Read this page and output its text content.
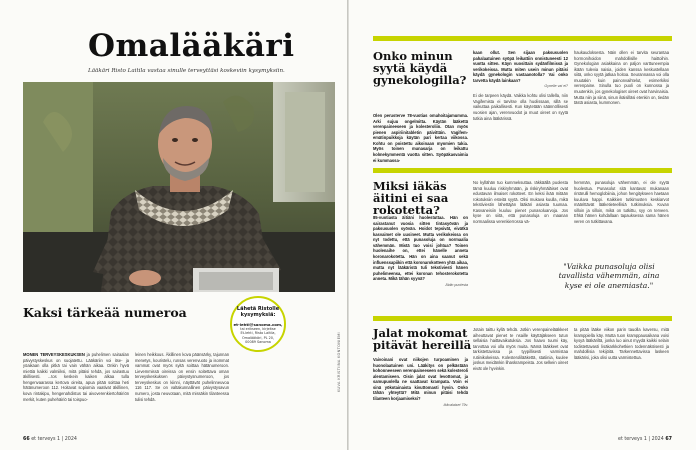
Omalääkäri
Lääkäri Risto Laitila vastaa sinulle terveyttäsi koskeviin kysymyksiin.
KUVA KRISTIINA KONTONIEMI
Lähetä Ristolle
kysymyksiä:
et-lehti@sanoma.com,
tai erikseen, kirjeitse
Et-lehti, Risto Laitila,
Omalääkäri, PL 20,
00089 Sanoma
Kaksi tärkeää numeroa
MONEN TERVEYSKESKUKSEN ja puhelimen sairaalan päivystyskeskus on suojatettu. Lääkäriin voi itse- ja yöaikaan olla pitkä tai vain vähän aikaa. Onkin hyvä miettiä kaikki valmiiksi, mitä pitäisi tehdä, jos sairastuu äkillisesti. ...tos keskein kaiken alkaa tulla hengenvaarassa kertova oireita, apua pitää soittaa heti hätänumeroon 112. Hoitavat sopiomia vaativat äkillinen, kova rintakipu, hengenahdistus tai aivoverenkiertohäiriön merkit, kuten puhehäiriö tai toispuo-
leinen heikkous. Äkillinen kova päänsärky, tajunnan menetys, kouristelu, runsas verenvuoto ja isommat vammat ovat myös syitä soittaa hätänumeroon. Lievemmissä oireissa on ensin soitettava oman terveyskeskuksen päivystysnumeroon, jos terveyskeskus on kiinni, näyttävät puhelinneuvoa 116 117. Se on valtakunnallinen päivystysavun numero, josta neuvotaan, mitä missäkin tilanteessa tulisi tehdä.
66 et terveys 1 | 2024
Onko minun syytä käydä gynekologilla?
Olen perusterve 78-vuotias omahoitajamumma. Arki sujuu ongelmitta. Käytän lääkettä verenpaineeseen ja kolesteroliin. Otan myös pienen aspiriinitabletin päivittäin. Vagifem-emätinpuikkoja käytän pari kertaa viikossa. Kohtu on poistettu aikoinaan myomien takia. Myös toinen munasarja on leikattu kolmekymmentä vuotta sitten. Syöpäkasvaimia ei kummassa-
kaan ollut. Sen sijaan paksusuolen pahalaatuinen syöpä leikattiin onnistuneesti 12 vuotta sitten. Käyn vuosittain sydänfilmissä ja verikokeissa. Mutta miten usein minun pitäisi käydä gynekologin vastaanotolla? Vai onko tarvetta käydä lainkaan?
Gynelle vai ei?
Ei ole tarpeen käydä. Vaikka kohtu olisi tallella, niin Vagifemista ei tarvitse olla huolissaan, sillä se vaikuttaa paikallisesti. Kun käytetään säännöllisesti vuosien ajan, verenvuodot ja muut oireet on syytä tutkia aina lääkärissä.
haukaudoksesta. Näin ollen ei tarvita seurantaa hormonihoidon mahdollisille haittoihin. Gynekologian asiakkaina on paljon varttuneempia ikään tulevia naisia, joiden kanssa keskustellaan siitä, onko syytä jatkaa hoitoa. Seurannassa voi olla muutakin kuin painonvaihtelut, esimerkiksi verenpaine. Sinulla tuo puoli on kunnossa ja muutenkin, jos gynekologiset oireet ovat harvinaisia. Mutta niin ja siinä, sinun ikäisilläsi etenkin on, tiedän tästä asiasta, kummonen.
Miksi iäkäs äitini ei saa rokotetta?
85-vuotiasta äitiäni huolestuttaa. Hän on sairastanut vuosia sitten tintasyövän ja paksusuolen syövän. Hoidot tepsivät, eivätkä kasvaimet ole uusineet. Mutta verikokeissa on nyt todettu, että punasoluja on normaalia vähemmän. Mistä tuo voisi johtua? Toinen huolenaihe on, ettei hänelle anneta koronarokotetta. Hän on aina saanut sekä influenssapiikin että koronarokotteen yhtä aikaa, mutta nyt lääkäristä tuli tekstiviesti hänen puhelimeensa, ettei koronan tehosterokotetta anneta. Mikä tähän syynä?
Äidin puolesta
No kyllähän tuo kummeksuttaa. Iäkkäällä puolesta tämä kuuluu riskiryhmään, ja riskiryhmäläiset ovat edustavan ilmaiset rokotteet. En keksi ikää mitään rokotuksiin esteitä syytä. Olisi mukava kuulla, mikä tekstiviestin lähettäjän lääkäri asiasta tuumaa. Kasvaneisiin kuuluu pienet punasoluarvoja. Jos kyse on siitä, että punasoluja on maanan normaalissa verenkierrossa vä-
hemmän, punasoluja vähemmän, ei ole syytä huolestua. Punasolut sitä kantavat mukanaan rintärulli hemoglobiinia, johon hengitykseen haetaan kuuluva happi. Kaikkien tutkimusten keskiarvot määrittävät lääketieteellisiä tutkimuksia. Kuvan silloin ja silloin, mikä on tutkittu, syy on terveen. Ehkä hänen kohdallaan tapauksessa sama hänen veren on tutkittavana.
"Vaikka punasoluja olisi tavallista vähemmän, aina kyse ei ole anemiasta."
Jalat mokomat pitävät hereillä
Vaivoinani ovat niikojen turpoaminen ja huonolaatuinen uni. Lääkitys on pelkästään kohonneeseen verenpaineeseen sekä kolesteroli alentamiseen. Oisin jalat ovat levottomat, ja samupuolella ne saattavat krampata. Voin ei sinä yökotainaista kivuttomasti hyvin. Onko tähän yhteyttä? Mitä minun pitäisi tehdä tilanteen korjaamiseksi?
Ikävalaiset 79v.
Jotain taittu kyllä tehdä. Jotkin verenpainelääkkeet aiheuttavat pienet te nsaille käyttäjäkseen tutun sellaisia haittavaikutuksia. Jos haavo tuumi käy, tarvottaa voi olla myös muita. Nämä lääkkeet ovat tarkistettavissa ja tyypillisesti varmistaa rutiinikokeissa. Kolesterolilääkettä, statiinia, kuulee joskus meidänkin lihaskrampeista. Jos selkein oireet eivät ole hyvinkin.
ta pitää lääke viikon parin tauolla kaversu, mitä kramppiella käy. Mutta tuon kramppausaikana voisi kysyä lääkäriltä, jonka luo ainut myydä kaikki selain todistettavasti lisäkarkkohetkien todennäköisesti ja mahdollisia tekijöitä. Tarkennettavissa laskeen lääkärisi, joka olisi uutta varmistettua.
et terveys 1 | 2024 67
